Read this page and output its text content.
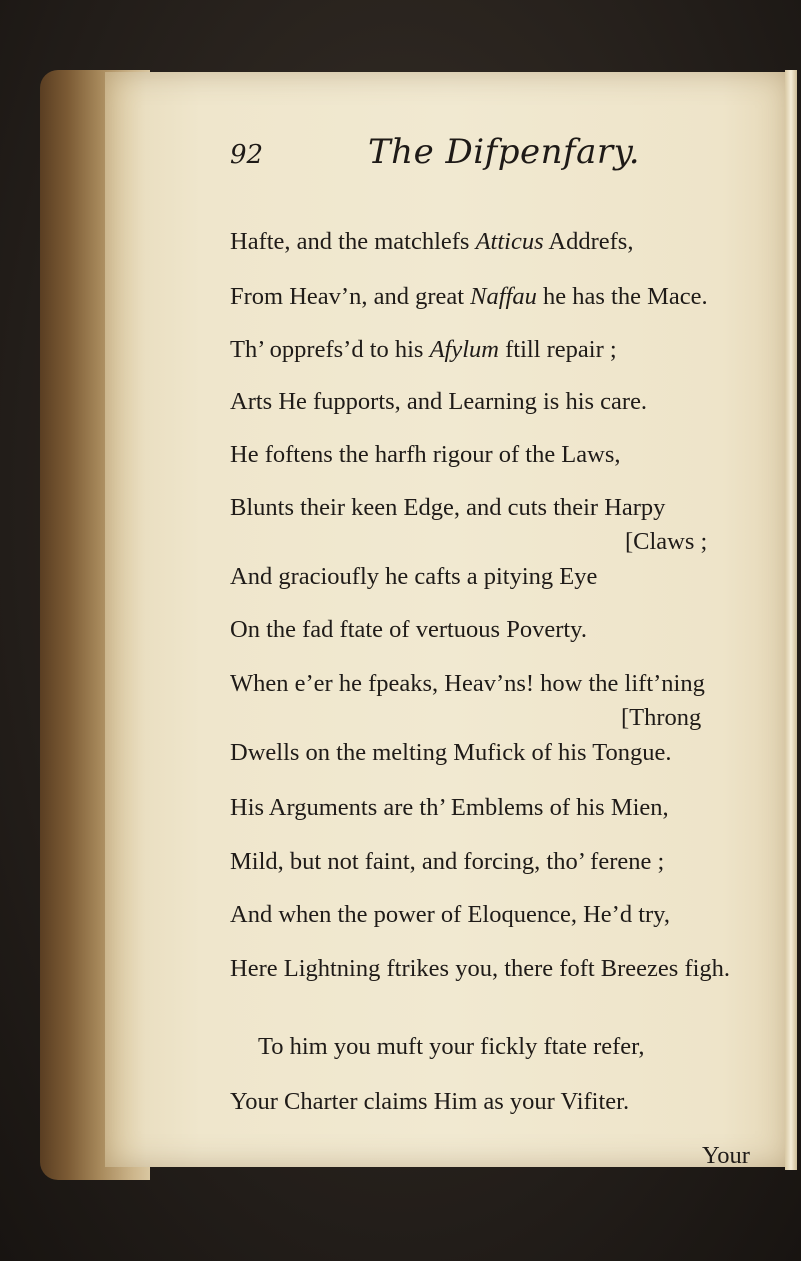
92	The Difpenfary.
Hafte, and the matchlefs Atticus Addrefs,
From Heav’n, and great Naffau he has the Mace.
Th’ opprefs’d to his Afylum ftill repair ;
Arts He fupports, and Learning is his care.
He foftens the harfh rigour of the Laws,
Blunts their keen Edge, and cuts their Harpy
[Claws ;
And gracioufly he cafts a pitying Eye
On the fad ftate of vertuous Poverty.
When e’er he fpeaks, Heav’ns! how the lift’ning
[Throng
Dwells on the melting Mufick of his Tongue.
His Arguments are th’ Emblems of his Mien,
Mild, but not faint, and forcing, tho’ ferene ;
And when the power of Eloquence, He’d try,
Here Lightning ftrikes you, there foft Breezes figh.
To him you muft your fickly ftate refer,
Your Charter claims Him as your Vifiter.
Your
